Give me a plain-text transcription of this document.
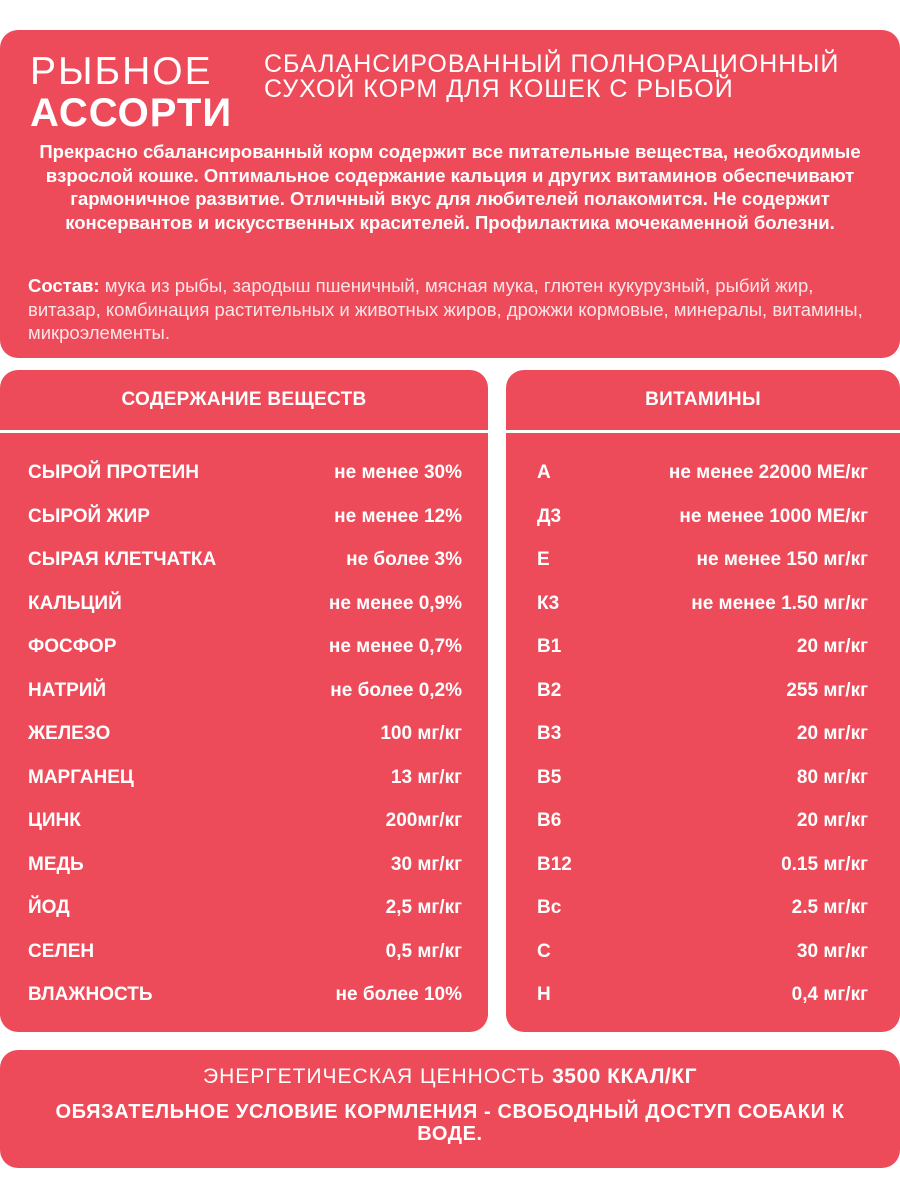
РЫБНОЕ
АССОРТИ
СБАЛАНСИРОВАННЫЙ ПОЛНОРАЦИОННЫЙ
СУХОЙ КОРМ ДЛЯ КОШЕК С РЫБОЙ
Прекрасно сбалансированный корм содержит все питательные вещества, необходимые взрослой кошке. Оптимальное содержание кальция и других витаминов обеспечивают гармоничное развитие. Отличный вкус для любителей полакомится. Не содержит консервантов и искусственных красителей. Профилактика мочекаменной болезни.
Состав: мука из рыбы, зародыш пшеничный, мясная мука, глютен кукурузный, рыбий жир, витазар, комбинация растительных и животных жиров, дрожжи кормовые, минералы, витамины, микроэлементы.
СОДЕРЖАНИЕ ВЕЩЕСТВ
СЫРОЙ ПРОТЕИН	не менее 30%
СЫРОЙ ЖИР	не менее 12%
СЫРАЯ КЛЕТЧАТКА	не более 3%
КАЛЬЦИЙ	не менее 0,9%
ФОСФОР	не менее 0,7%
НАТРИЙ	не более 0,2%
ЖЕЛЕЗО	100 мг/кг
МАРГАНЕЦ	13 мг/кг
ЦИНК	200мг/кг
МЕДЬ	30 мг/кг
ЙОД	2,5 мг/кг
СЕЛЕН	0,5 мг/кг
ВЛАЖНОСТЬ	не более 10%
ВИТАМИНЫ
А	не менее 22000 МЕ/кг
Д3	не менее 1000 МЕ/кг
Е	не менее 150 мг/кг
К3	не менее 1.50 мг/кг
В1	20 мг/кг
В2	255 мг/кг
В3	20 мг/кг
В5	80 мг/кг
В6	20 мг/кг
В12	0.15 мг/кг
Вс	2.5 мг/кг
С	30 мг/кг
Н	0,4 мг/кг
ЭНЕРГЕТИЧЕСКАЯ ЦЕННОСТЬ 3500 ККАЛ/КГ
ОБЯЗАТЕЛЬНОЕ УСЛОВИЕ КОРМЛЕНИЯ - СВОБОДНЫЙ ДОСТУП СОБАКИ К ВОДЕ.
